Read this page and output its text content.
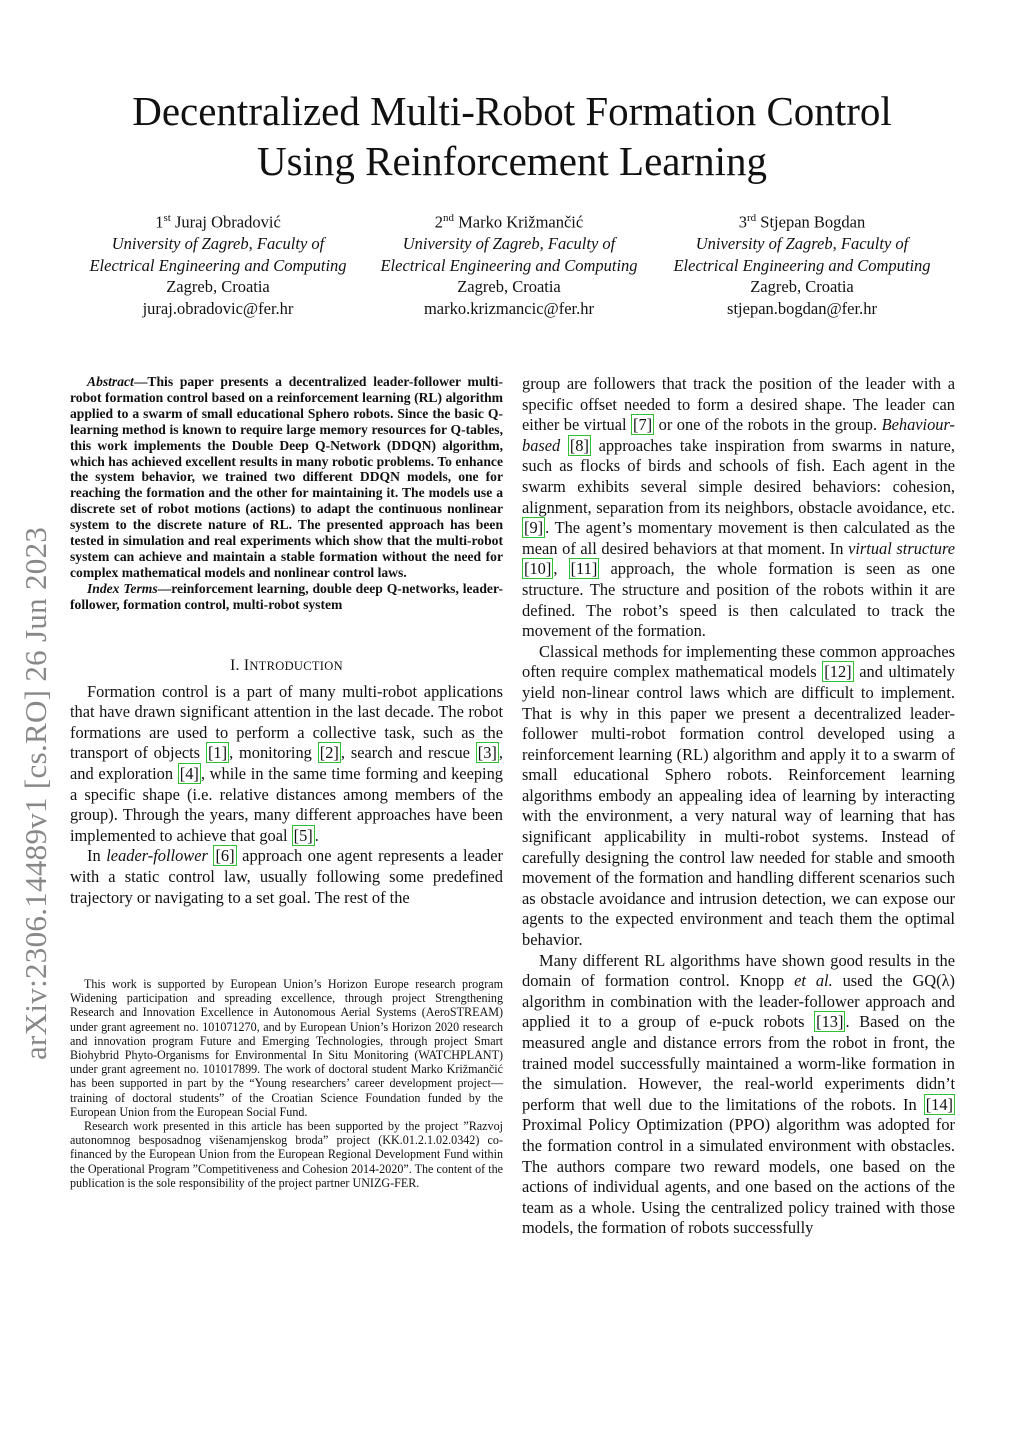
arXiv:2306.14489v1 [cs.RO] 26 Jun 2023
Decentralized Multi-Robot Formation Control Using Reinforcement Learning
1st Juraj Obradović
University of Zagreb, Faculty of
Electrical Engineering and Computing
Zagreb, Croatia
juraj.obradovic@fer.hr
2nd Marko Križmančić
University of Zagreb, Faculty of
Electrical Engineering and Computing
Zagreb, Croatia
marko.krizmancic@fer.hr
3rd Stjepan Bogdan
University of Zagreb, Faculty of
Electrical Engineering and Computing
Zagreb, Croatia
stjepan.bogdan@fer.hr

Abstract—This paper presents a decentralized leader-follower multi-robot formation control based on a reinforcement learning (RL) algorithm applied to a swarm of small educational Sphero robots. Since the basic Q-learning method is known to require large memory resources for Q-tables, this work implements the Double Deep Q-Network (DDQN) algorithm, which has achieved excellent results in many robotic problems. To enhance the system behavior, we trained two different DDQN models, one for reaching the formation and the other for maintaining it. The models use a discrete set of robot motions (actions) to adapt the continuous nonlinear system to the discrete nature of RL. The presented approach has been tested in simulation and real experiments which show that the multi-robot system can achieve and maintain a stable formation without the need for complex mathematical models and nonlinear control laws.

Index Terms—reinforcement learning, double deep Q-networks, leader-follower, formation control, multi-robot system

I. INTRODUCTION

Formation control is a part of many multi-robot applications that have drawn significant attention in the last decade. The robot formations are used to perform a collective task, such as the transport of objects [1] , monitoring [2] , search and rescue [3] , and exploration [4] , while in the same time forming and keeping a specific shape (i.e. relative distances among members of the group). Through the years, many different approaches have been implemented to achieve that goal [5] .

In leader-follower [6] approach one agent represents a leader with a static control law, usually following some predefined trajectory or navigating to a set goal. The rest of the

This work is supported by European Union’s Horizon Europe research program Widening participation and spreading excellence, through project Strengthening Research and Innovation Excellence in Autonomous Aerial Systems (AeroSTREAM) under grant agreement no. 101071270, and by European Union’s Horizon 2020 research and innovation program Future and Emerging Technologies, through project Smart Biohybrid Phyto-Organisms for Environmental In Situ Monitoring (WATCHPLANT) under grant agreement no. 101017899. The work of doctoral student Marko Križmančić has been supported in part by the “Young researchers’ career development project—training of doctoral students” of the Croatian Science Foundation funded by the European Union from the European Social Fund.

Research work presented in this article has been supported by the project ”Razvoj autonomnog besposadnog višenamjenskog broda” project (KK.01.2.1.02.0342) co-financed by the European Union from the European Regional Development Fund within the Operational Program ”Competitiveness and Cohesion 2014-2020”. The content of the publication is the sole responsibility of the project partner UNIZG-FER.

group are followers that track the position of the leader with a specific offset needed to form a desired shape. The leader can either be virtual [7] or one of the robots in the group. Behaviour-based [8] approaches take inspiration from swarms in nature, such as flocks of birds and schools of fish. Each agent in the swarm exhibits several simple desired behaviors: cohesion, alignment, separation from its neighbors, obstacle avoidance, etc. [9] . The agent’s momentary movement is then calculated as the mean of all desired behaviors at that moment. In virtual structure [10] , [11] approach, the whole formation is seen as one structure. The structure and position of the robots within it are defined. The robot’s speed is then calculated to track the movement of the formation.

Classical methods for implementing these common approaches often require complex mathematical models [12] and ultimately yield non-linear control laws which are difficult to implement. That is why in this paper we present a decentralized leader-follower multi-robot formation control developed using a reinforcement learning (RL) algorithm and apply it to a swarm of small educational Sphero robots. Reinforcement learning algorithms embody an appealing idea of learning by interacting with the environment, a very natural way of learning that has significant applicability in multi-robot systems. Instead of carefully designing the control law needed for stable and smooth movement of the formation and handling different scenarios such as obstacle avoidance and intrusion detection, we can expose our agents to the expected environment and teach them the optimal behavior.

Many different RL algorithms have shown good results in the domain of formation control. Knopp et al. used the GQ(λ) algorithm in combination with the leader-follower approach and applied it to a group of e-puck robots [13] . Based on the measured angle and distance errors from the robot in front, the trained model successfully maintained a worm-like formation in the simulation. However, the real-world experiments didn’t perform that well due to the limitations of the robots. In [14] Proximal Policy Optimization (PPO) algorithm was adopted for the formation control in a simulated environment with obstacles. The authors compare two reward models, one based on the actions of individual agents, and one based on the actions of the team as a whole. Using the centralized policy trained with those models, the formation of robots successfully
